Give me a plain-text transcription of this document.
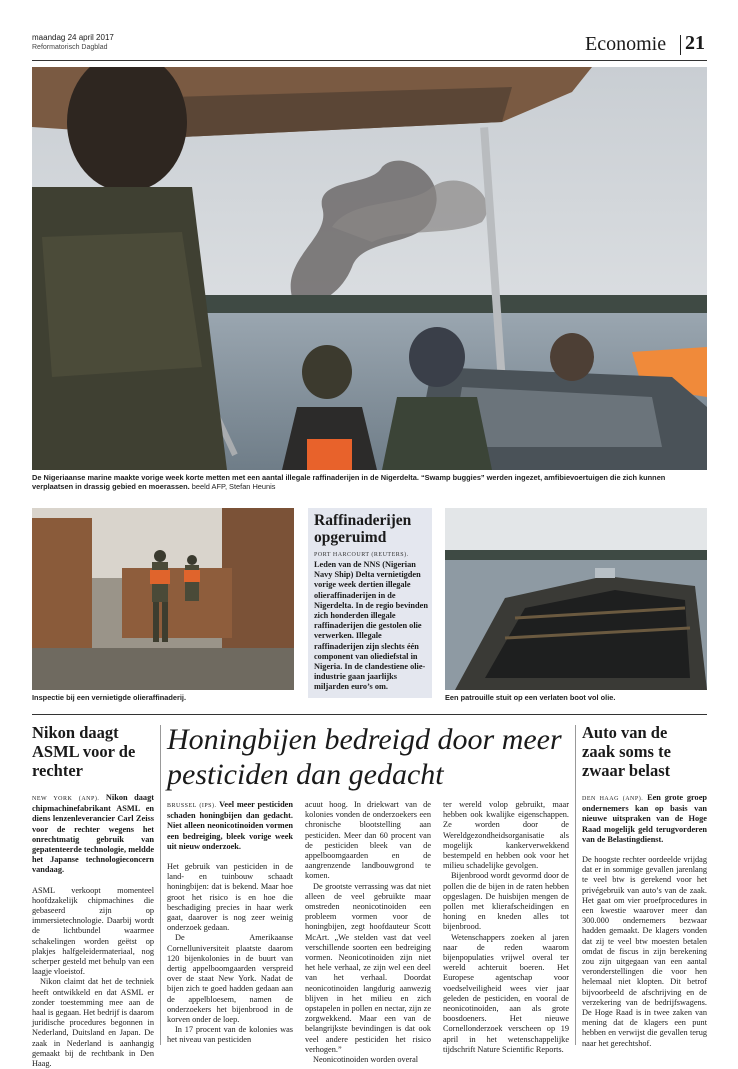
maandag 24 april 2017
Reformatorisch Dagblad	Economie 21
De Nigeriaanse marine maakte vorige week korte metten met een aantal illegale raffinaderijen in de Nigerdelta. “Swamp buggies” werden ingezet, amfibievoertuigen die zich kunnen verplaatsen in drassig gebied en moerassen. beeld AFP, Stefan Heunis
Inspectie bij een vernietigde olieraffinaderij.
Raffinaderijen opgeruimd
PORT HARCOURT (REUTERS).
Leden van de NNS (Nigerian Navy Ship) Delta vernietigden vorige week dertien illegale olieraffinaderijen in de Nigerdelta. In de regio bevinden zich honderden illegale raffinaderijen die gestolen olie verwerken. Illegale raffinaderijen zijn slechts één component van oliediefstal in Nigeria. In de clandestiene olie-industrie gaan jaarlijks miljarden euro’s om.
Een patrouille stuit op een verlaten boot vol olie.
Nikon daagt ASML voor de rechter

NEW YORK (ANP). Nikon daagt chipmachinefabrikant ASML en diens lenzenleverancier Carl Zeiss voor de rechter wegens het onrechtmatig gebruik van gepatenteerde technologie, meldde het Japanse technologieconcern vandaag.

ASML verkoopt momenteel hoofdzakelijk chipmachines die gebaseerd zijn op immersietechnologie. Daarbij wordt de lichtbundel waarmee schakelingen worden geëtst op plakjes halfgeleidermateriaal, nog scherper gesteld met behulp van een laagje vloeistof.

Nikon claimt dat het de techniek heeft ontwikkeld en dat ASML er zonder toestemming mee aan de haal is gegaan. Het bedrijf is daarom juridische procedures begonnen in Nederland, Duitsland en Japan. De zaak in Nederland is aanhangig gemaakt bij de rechtbank in Den Haag.

Honingbijen bedreigd door meer pesticiden dan gedacht

BRUSSEL (IPS). Veel meer pesticiden schaden honingbijen dan gedacht. Niet alleen neonicotinoiden vormen een bedreiging, bleek vorige week uit nieuw onderzoek.

Het gebruik van pesticiden in de land- en tuinbouw schaadt honingbijen: dat is bekend. Maar hoe groot het risico is en hoe die beschadiging precies in haar werk gaat, daarover is nog zeer weinig onderzoek gedaan.

De Amerikaanse Cornelluniversiteit plaatste daarom 120 bijenkolonies in de buurt van dertig appelboomgaarden verspreid over de staat New York. Nadat de bijen zich te goed hadden gedaan aan de appelbloesem, namen de onderzoekers het bijenbrood in de korven onder de loep.

In 17 procent van de kolonies was het niveau van pesticiden

acuut hoog. In driekwart van de kolonies vonden de onderzoekers een chronische blootstelling aan pesticiden. Meer dan 60 procent van de pesticiden bleek van de appelboomgaarden en de aangrenzende landbouwgrond te komen.

De grootste verrassing was dat niet alleen de veel gebruikte maar omstreden neonicotinoiden een probleem vormen voor de honingbijen, zegt hoofdauteur Scott McArt. „We stelden vast dat veel verschillende soorten een bedreiging vormen. Neonicotinoiden zijn niet het hele verhaal, ze zijn wel een deel van het verhaal. Doordat neonicotinoiden langdurig aanwezig blijven in het milieu en zich opstapelen in pollen en nectar, zijn ze zorgwekkend. Maar een van de belangrijkste bevindingen is dat ook veel andere pesticiden het risico verhogen.”

Neonicotinoiden worden overal

ter wereld volop gebruikt, maar hebben ook kwalijke eigenschappen. Ze worden door de Wereldgezondheidsorganisatie als mogelijk kankerverwekkend bestempeld en hebben ook voor het milieu schadelijke gevolgen.

Bijenbrood wordt gevormd door de pollen die de bijen in de raten hebben opgeslagen. De huisbijen mengen de pollen met klierafscheidingen en honing en kneden alles tot bijenbrood.

Wetenschappers zoeken al jaren naar de reden waarom bijenpopulaties vrijwel overal ter wereld achteruit boeren. Het Europese agentschap voor voedselveiligheid wees vier jaar geleden de pesticiden, en vooral de neonicotinoiden, aan als grote boosdoeners. Het nieuwe Cornellonderzoek verscheen op 19 april in het wetenschappelijke tijdschrift Nature Scientific Reports.

Auto van de zaak soms te zwaar belast

DEN HAAG (ANP). Een grote groep ondernemers kan op basis van nieuwe uitspraken van de Hoge Raad mogelijk geld terugvorderen van de Belastingdienst.

De hoogste rechter oordeelde vrijdag dat er in sommige gevallen jarenlang te veel btw is gerekend voor het privégebruik van auto’s van de zaak. Het gaat om vier proefprocedures in een kwestie waarover meer dan 300.000 ondernemers bezwaar hadden gemaakt. De klagers vonden dat zij te veel btw moesten betalen omdat de fiscus in zijn berekening zou zijn uitgegaan van een aantal veronderstellingen die voor hen helemaal niet klopten. Dit betrof bijvoorbeeld de afschrijving en de verzekering van de bedrijfswagens. De Hoge Raad is in twee zaken van mening dat de klagers een punt hebben en verwijst die gevallen terug naar het gerechtshof.
